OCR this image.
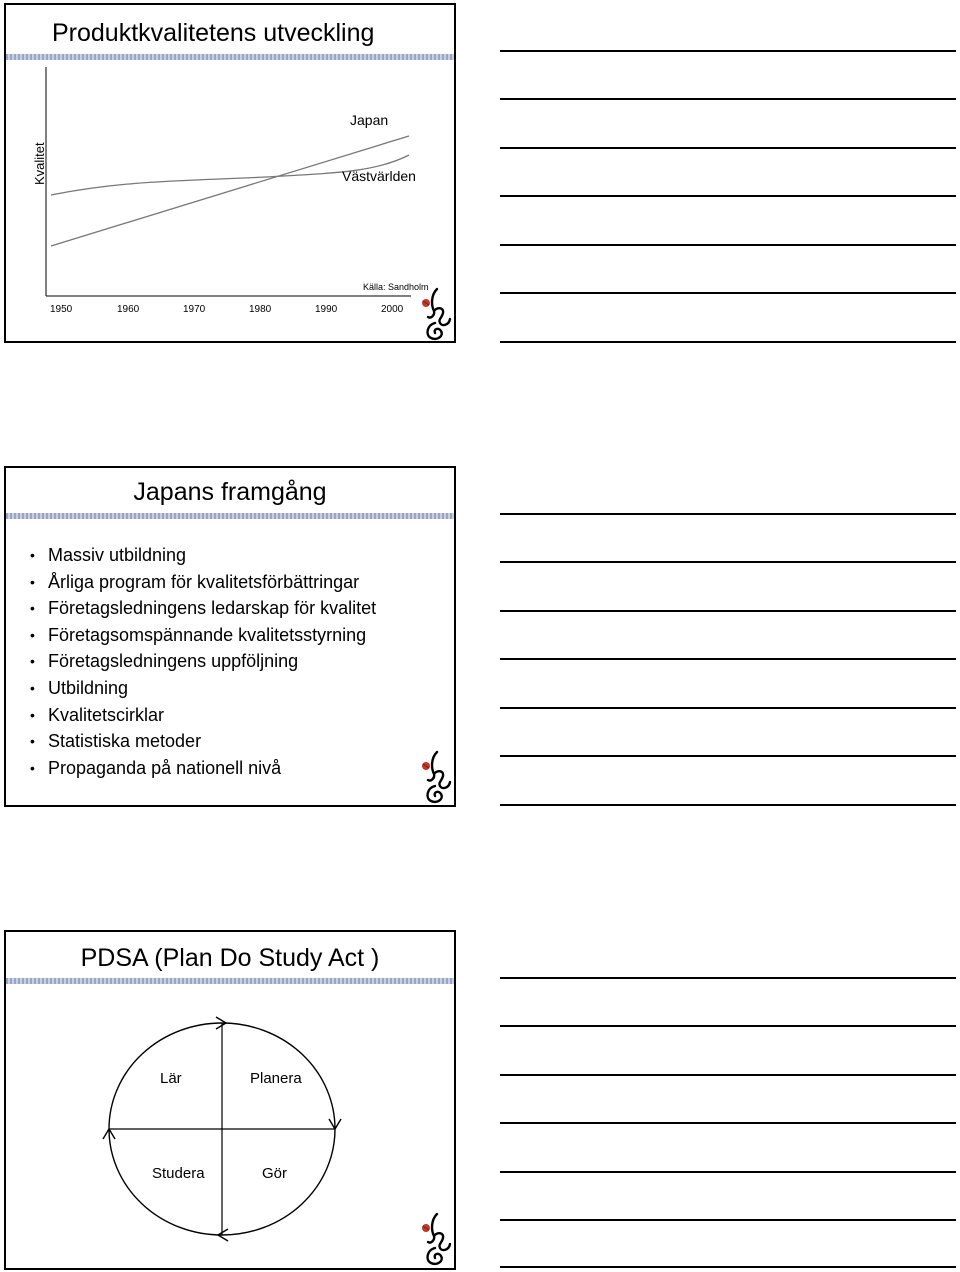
Produktkvalitetens utveckling
Kvalitet
Japan
Västvärlden
1950	1960	1970	1980	1990	2000
Källa: Sandholm
Japans framgång
• Massiv utbildning
• Årliga program för kvalitetsförbättringar
• Företagsledningens ledarskap för kvalitet
• Företagsomspännande kvalitetsstyrning
• Företagsledningens uppföljning
• Utbildning
• Kvalitetscirklar
• Statistiska metoder
• Propaganda på nationell nivå
PDSA (Plan Do Study Act )
Lär	Planera
Studera	Gör
